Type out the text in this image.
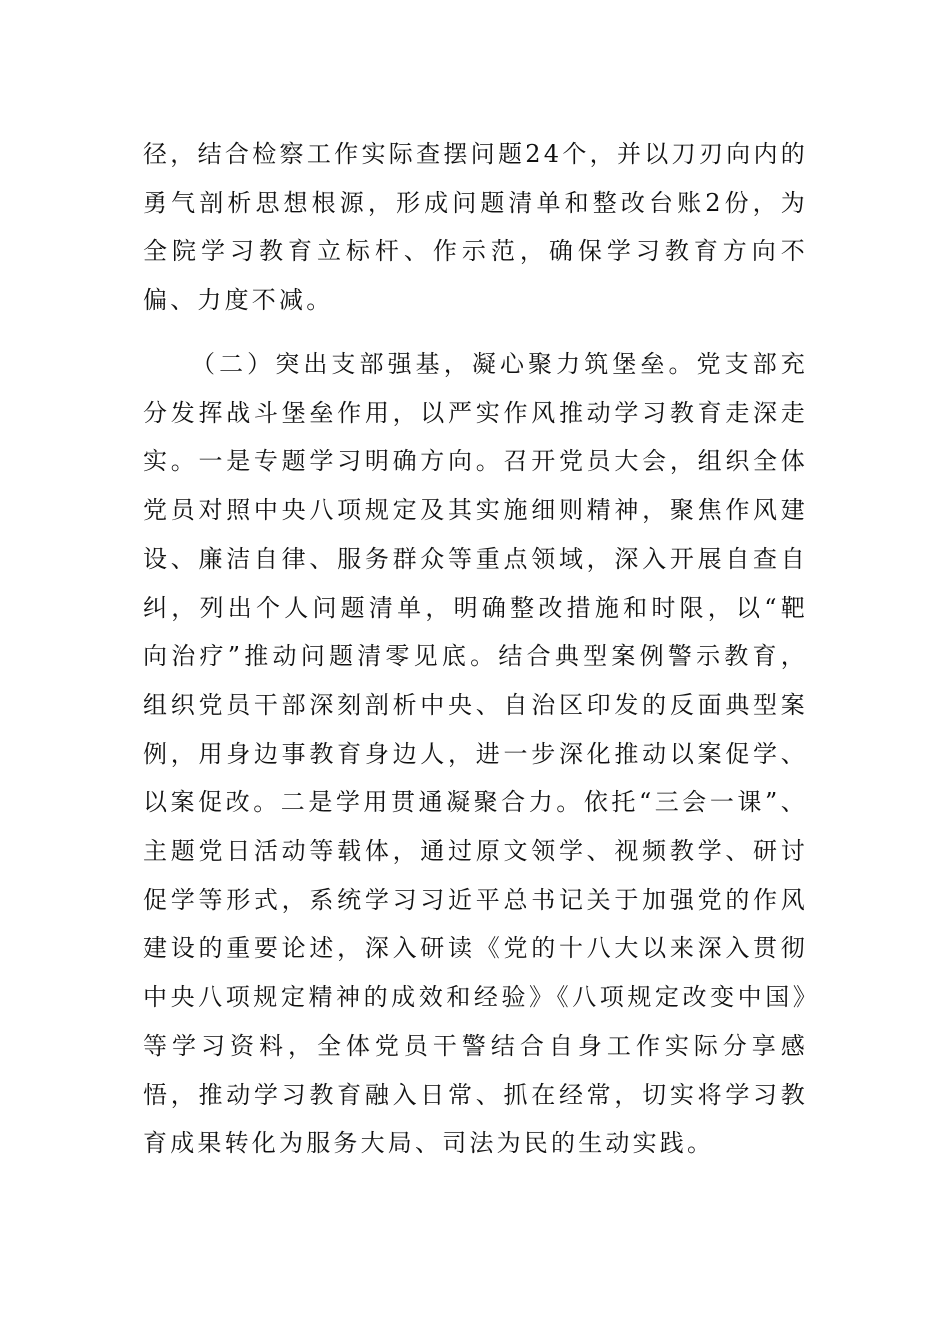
径，结合检察工作实际查摆问题24个，并以刀刃向内的勇气剖析思想根源，形成问题清单和整改台账2份，为全院学习教育立标杆、作示范，确保学习教育方向不偏、力度不减。

（二）突出支部强基，凝心聚力筑堡垒。党支部充分发挥战斗堡垒作用，以严实作风推动学习教育走深走实。一是专题学习明确方向。召开党员大会，组织全体党员对照中央八项规定及其实施细则精神，聚焦作风建设、廉洁自律、服务群众等重点领域，深入开展自查自纠，列出个人问题清单，明确整改措施和时限，以“靶向治疗”推动问题清零见底。结合典型案例警示教育，组织党员干部深刻剖析中央、自治区印发的反面典型案例，用身边事教育身边人，进一步深化推动以案促学、以案促改。二是学用贯通凝聚合力。依托“三会一课”、主题党日活动等载体，通过原文领学、视频教学、研讨促学等形式，系统学习习近平总书记关于加强党的作风建设的重要论述，深入研读《党的十八大以来深入贯彻中央八项规定精神的成效和经验》《八项规定改变中国》等学习资料，全体党员干警结合自身工作实际分享感悟，推动学习教育融入日常、抓在经常，切实将学习教育成果转化为服务大局、司法为民的生动实践。
